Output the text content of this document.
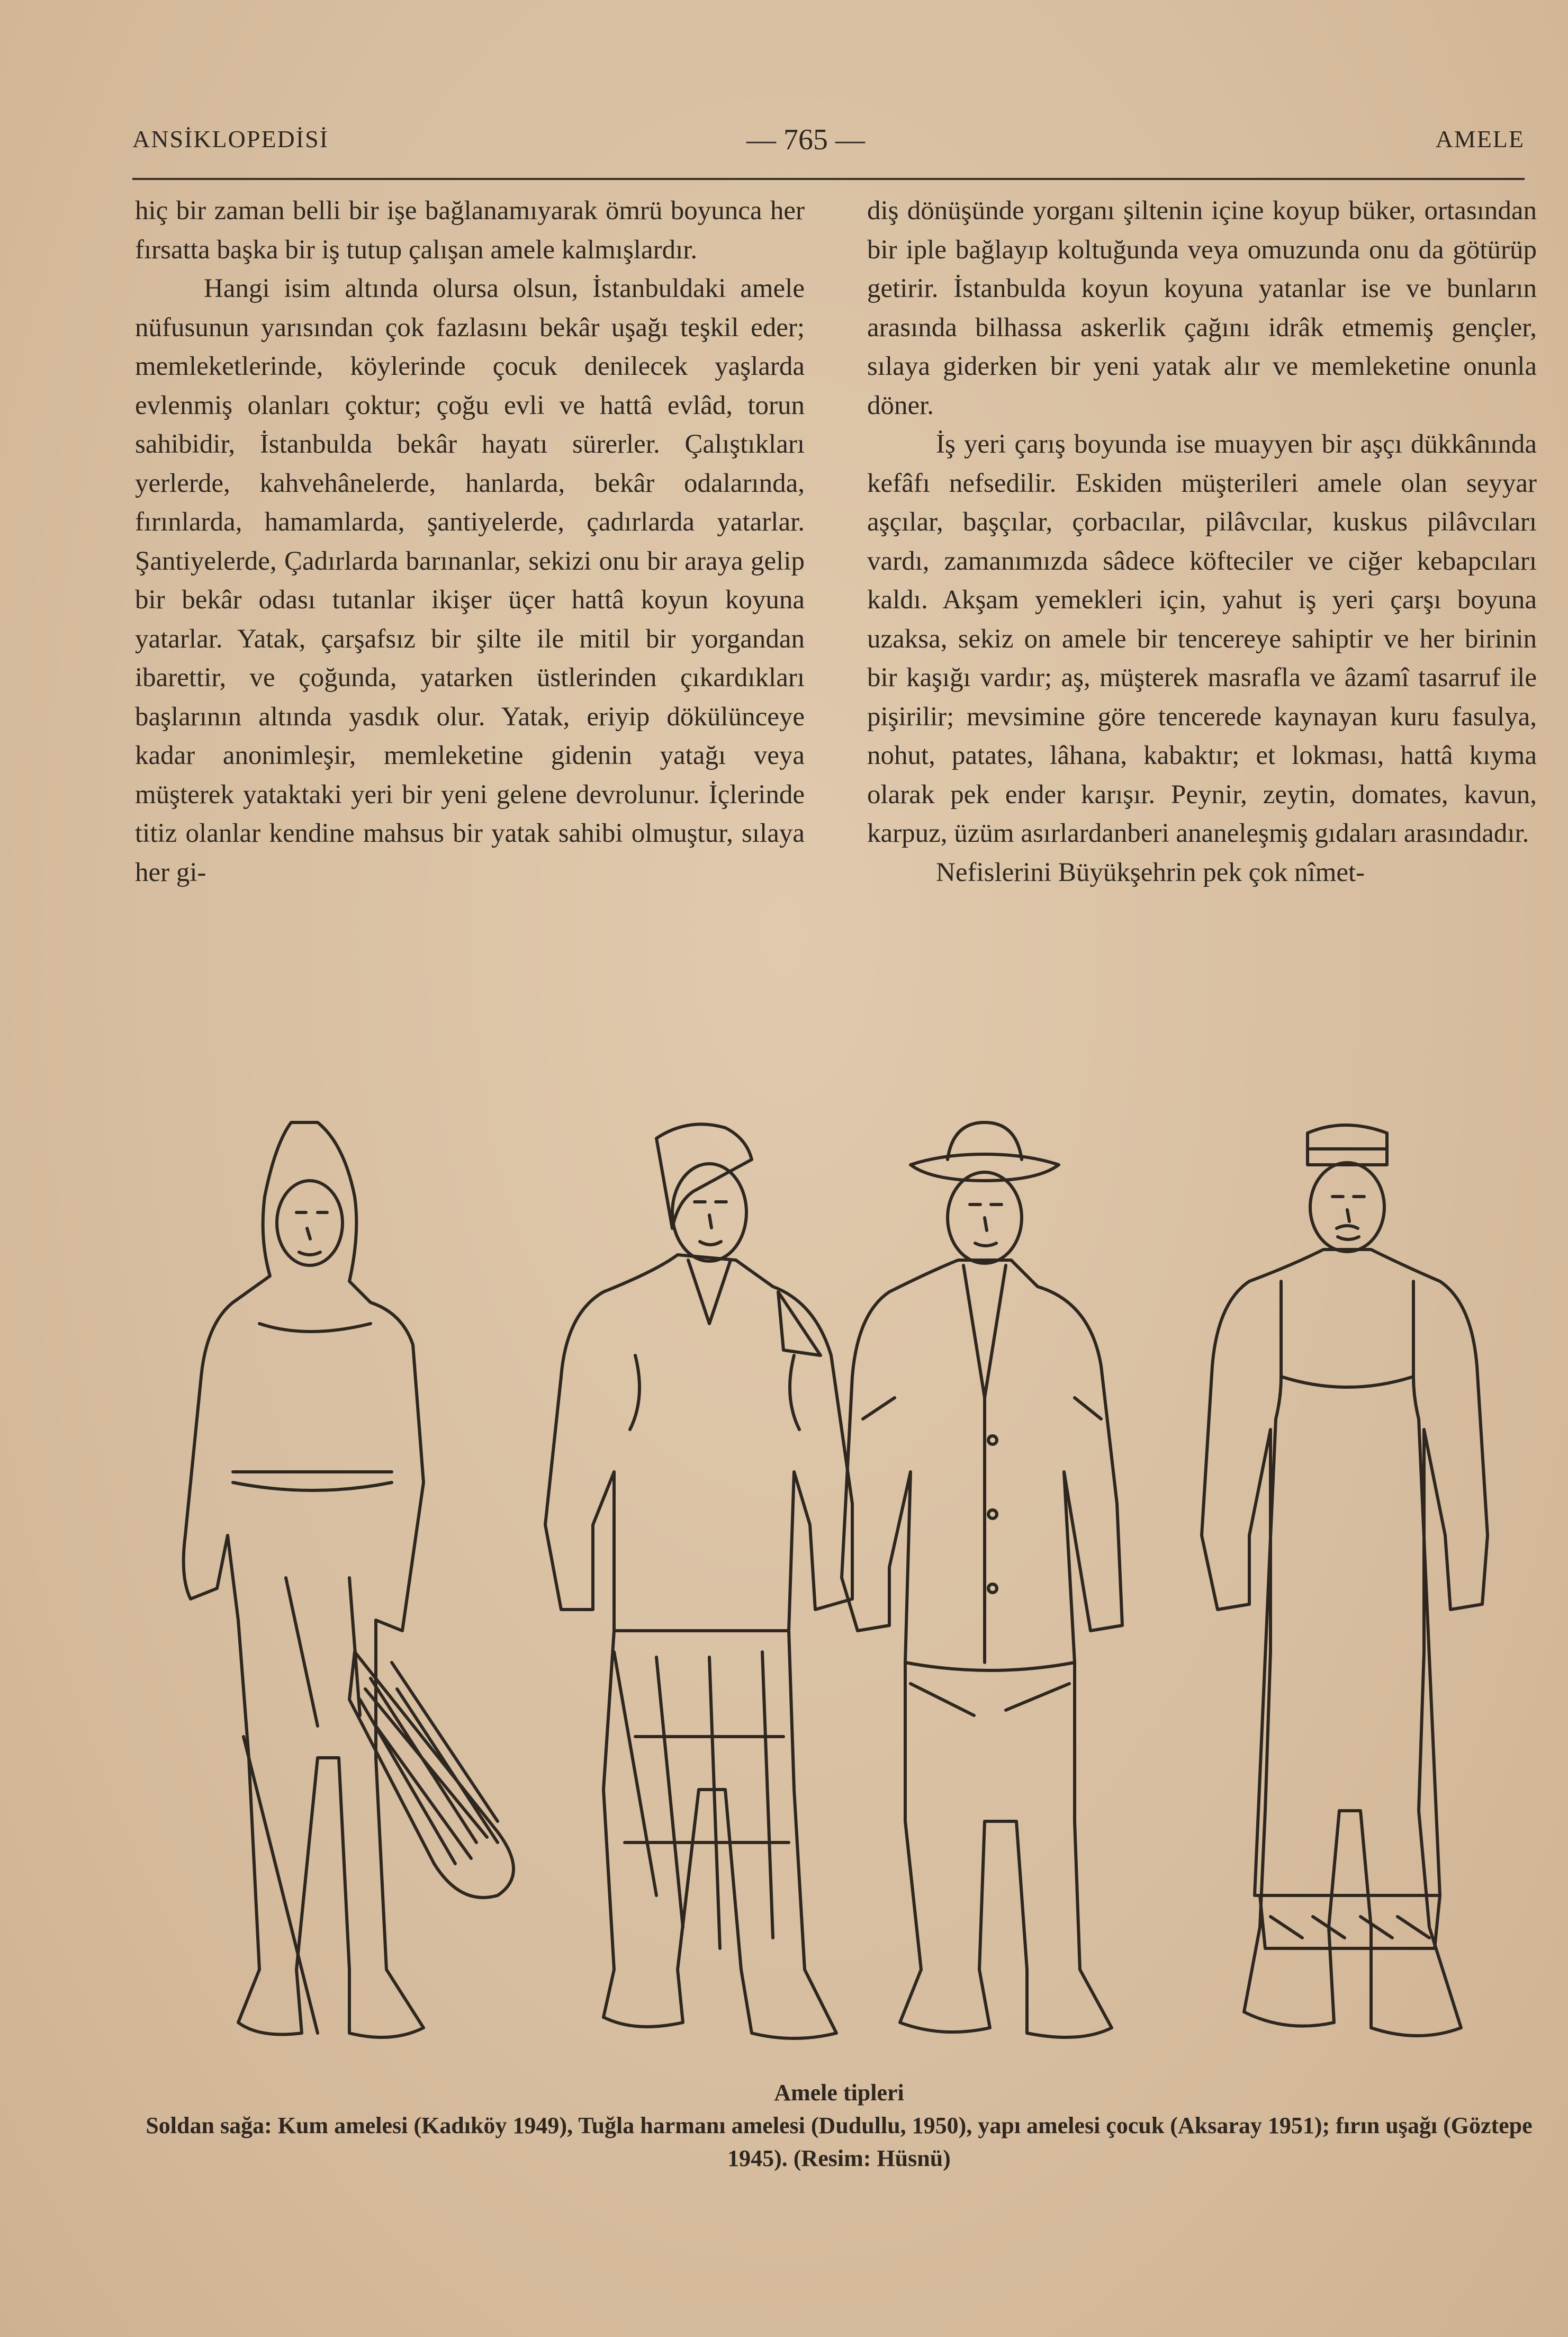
ANSİKLOPEDİSİ	— 765 —	AMELE

hiç bir zaman belli bir işe bağlanamıyarak ömrü boyunca her fırsatta başka bir iş tutup çalışan amele kalmışlardır.

Hangi isim altında olursa olsun, İstanbuldaki amele nüfusunun yarısından çok fazlasını bekâr uşağı teşkil eder; memleketlerinde, köylerinde çocuk denilecek yaşlarda evlenmiş olanları çoktur; çoğu evli ve hattâ evlâd, torun sahibidir, İstanbulda bekâr hayatı sürerler. Çalıştıkları yerlerde, kahvehânelerde, hanlarda, bekâr odalarında, fırınlarda, hamamlarda, şantiyelerde, çadırlarda yatarlar. Şantiyelerde, Çadırlarda barınanlar, sekizi onu bir araya gelip bir bekâr odası tutanlar ikişer üçer hattâ koyun koyuna yatarlar. Yatak, çarşafsız bir şilte ile mitil bir yorgandan ibarettir, ve çoğunda, yatarken üstlerinden çıkardıkları başlarının altında yasdık olur. Yatak, eriyip dökülünceye kadar anonimleşir, memleketine gidenin yatağı veya müşterek yataktaki yeri bir yeni gelene devrolunur. İçlerinde titiz olanlar kendine mahsus bir yatak sahibi olmuştur, sılaya her gi-

diş dönüşünde yorganı şiltenin içine koyup büker, ortasından bir iple bağlayıp koltuğunda veya omuzunda onu da götürüp getirir. İstanbulda koyun koyuna yatanlar ise ve bunların arasında bilhassa askerlik çağını idrâk etmemiş gençler, sılaya giderken bir yeni yatak alır ve memleketine onunla döner.

İş yeri çarış boyunda ise muayyen bir aşçı dükkânında kefâfı nefsedilir. Eskiden müşterileri amele olan seyyar aşçılar, başçılar, çorbacılar, pilâvcılar, kuskus pilâvcıları vardı, zamanımızda sâdece köfteciler ve ciğer kebapcıları kaldı. Akşam yemekleri için, yahut iş yeri çarşı boyuna uzaksa, sekiz on amele bir tencereye sahiptir ve her birinin bir kaşığı vardır; aş, müşterek masrafla ve âzamî tasarruf ile pişirilir; mevsimine göre tencerede kaynayan kuru fasulya, nohut, patates, lâhana, kabaktır; et lokması, hattâ kıyma olarak pek ender karışır. Peynir, zeytin, domates, kavun, karpuz, üzüm asırlardanberi ananeleşmiş gıdaları arasındadır.

Nefislerini Büyükşehrin pek çok nîmet-

Amele tipleri
Soldan sağa: Kum amelesi (Kadıköy 1949), Tuğla harmanı amelesi (Dudullu, 1950), yapı amelesi çocuk (Aksaray 1951); fırın uşağı (Göztepe 1945). (Resim: Hüsnü)
